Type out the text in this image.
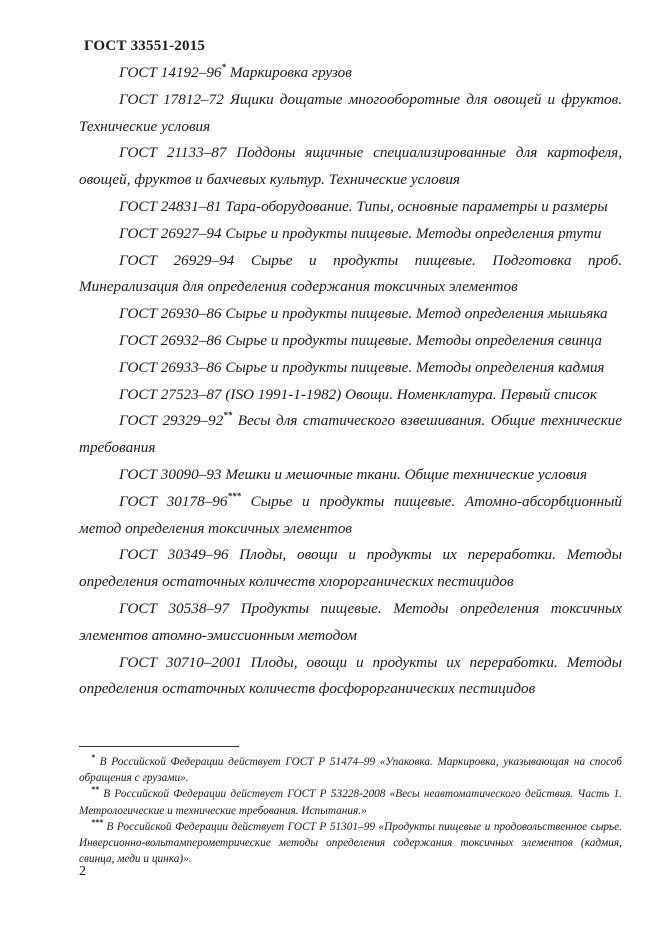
ГОСТ 33551-2015

ГОСТ 14192–96* Маркировка грузов

ГОСТ 17812–72 Ящики дощатые многооборотные для овощей и фруктов. Технические условия

ГОСТ 21133–87 Поддоны ящичные специализированные для картофеля, овощей, фруктов и бахчевых культур. Технические условия

ГОСТ 24831–81 Тара-оборудование. Типы, основные параметры и размеры

ГОСТ 26927–94 Сырье и продукты пищевые. Методы определения ртути

ГОСТ 26929–94 Сырье и продукты пищевые. Подготовка проб. Минерализация для определения содержания токсичных элементов

ГОСТ 26930–86 Сырье и продукты пищевые. Метод определения мышьяка

ГОСТ 26932–86 Сырье и продукты пищевые. Методы определения свинца

ГОСТ 26933–86 Сырье и продукты пищевые. Методы определения кадмия

ГОСТ 27523–87 (ISO 1991-1-1982) Овощи. Номенклатура. Первый список

ГОСТ 29329–92** Весы для статического взвешивания. Общие технические требования

ГОСТ 30090–93 Мешки и мешочные ткани. Общие технические условия

ГОСТ 30178–96*** Сырье и продукты пищевые. Атомно-абсорбционный метод определения токсичных элементов

ГОСТ 30349–96 Плоды, овощи и продукты их переработки. Методы определения остаточных количеств хлорорганических пестицидов

ГОСТ 30538–97 Продукты пищевые. Методы определения токсичных элементов атомно-эмиссионным методом

ГОСТ 30710–2001 Плоды, овощи и продукты их переработки. Методы определения остаточных количеств фосфорорганических пестицидов

* В Российской Федерации действует ГОСТ Р 51474–99 «Упаковка. Маркировка, указывающая на способ обращения с грузами».

** В Российской Федерации действует ГОСТ Р 53228-2008 «Весы неавтоматического действия. Часть 1. Метрологические и технические требования. Испытания.»

*** В Российской Федерации действует ГОСТ Р 51301–99 «Продукты пищевые и продовольственное сырье. Инверсионно-вольтамперометрические методы определения содержания токсичных элементов (кадмия, свинца, меди и цинка)».

2
